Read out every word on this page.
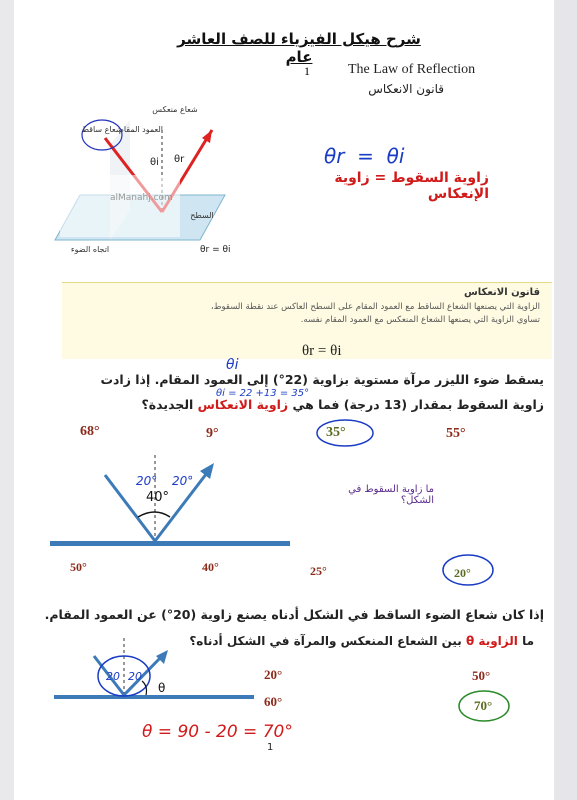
شرح هيكل الفيزياء للصف العاشر عام
1	The Law of Reflection
قانون الانعكاس
alManahj.com
θi θr
شعاع منعكس
العمود المقام
شعاع ساقط
السطح
اتجاه الضوء	θr = θi
θr  =  θi
زاوية السقوط = زاوية الإنعكاس
قانون الانعكاس
الزاوية التي يصنعها الشعاع الساقط مع العمود المقام على السطح العاكس عند نقطة السقوط،
تساوي الزاوية التي يصنعها الشعاع المنعكس مع العمود المقام نفسه.
θr = θi
θi
يسقط ضوء الليزر مرآة مستوية بزاوية (22°) إلى العمود المقام. إذا زادت
θi = 22 +13 = 35°
زاوية السقوط بمقدار (13 درجة) فما هي زاوية الانعكاس الجديدة؟
68°	9°	35°	55°
20° 20°
40°
ما زاوية السقوط في الشكل؟
50°	40°	25°	20°
إذا كان شعاع الضوء الساقط في الشكل أدناه يصنع زاوية (20°) عن العمود المقام.
ما الزاوية θ بين الشعاع المنعكس والمرآة في الشكل أدناه؟
20 20
θ
20°	50°
60°	70°
θ = 90 - 20 = 70°
1
